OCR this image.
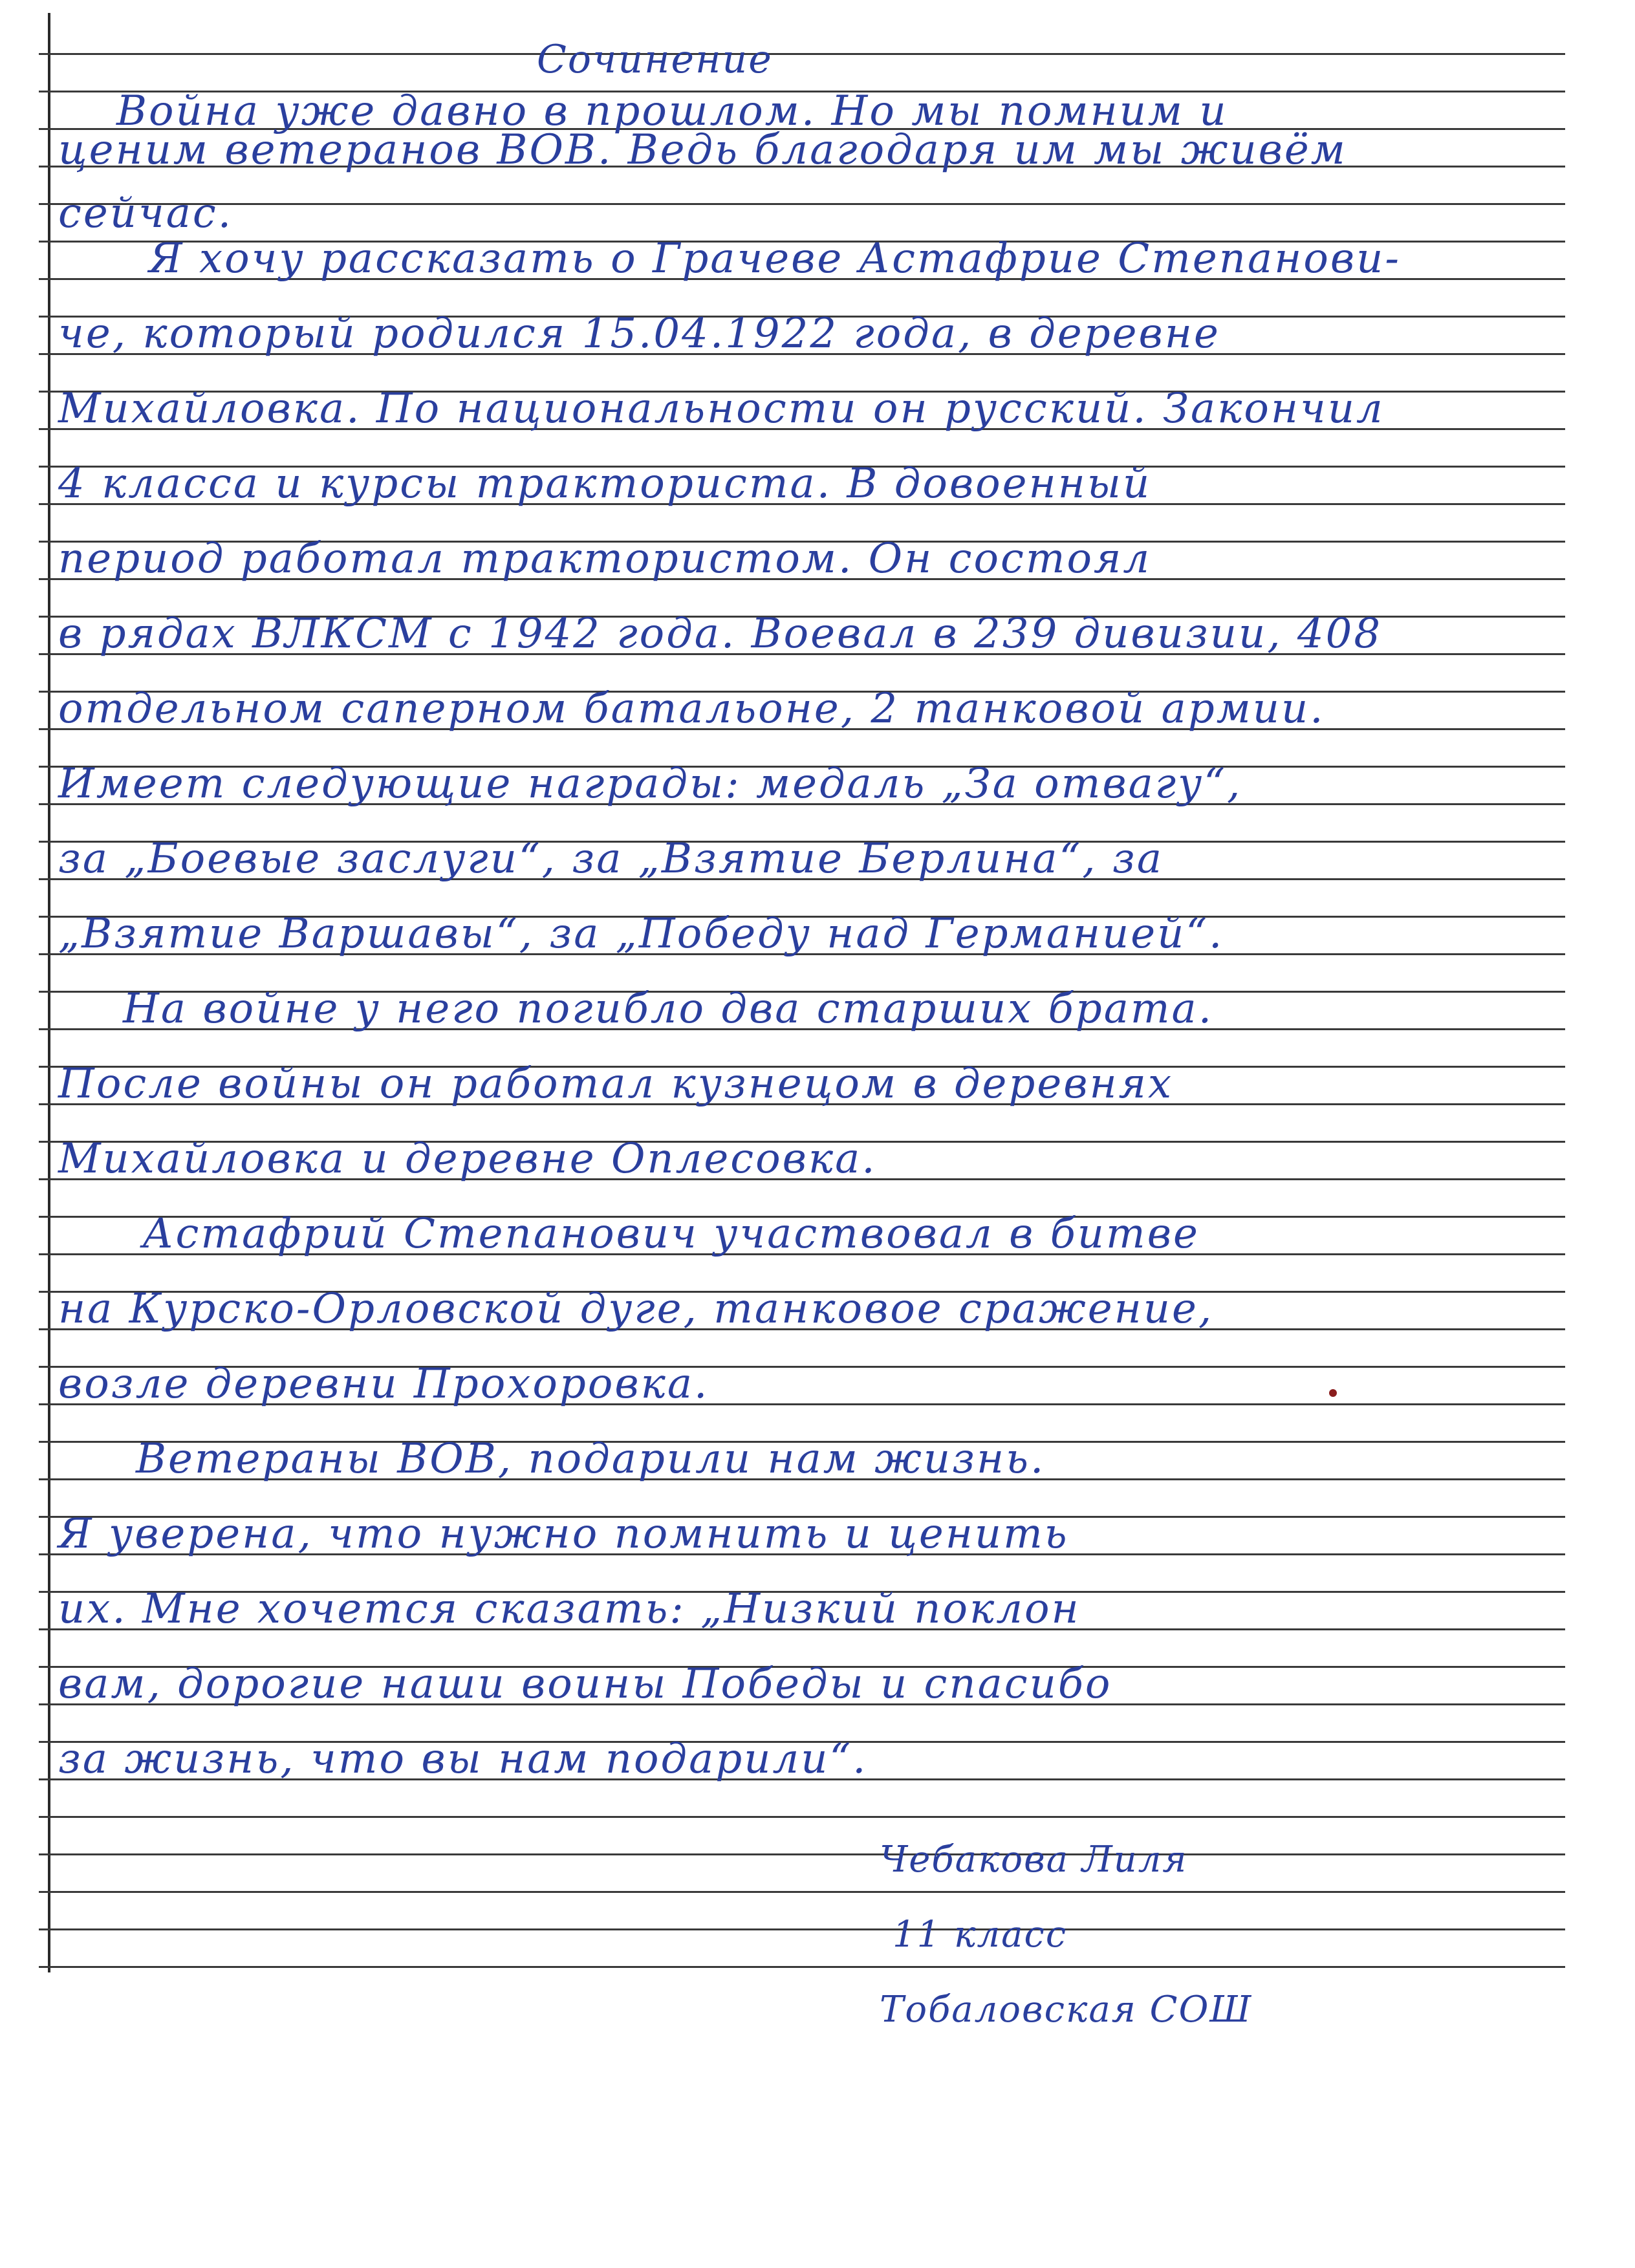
Сочинение
Война уже давно в прошлом. Но мы помним и
ценим ветеранов ВОВ. Ведь благодаря им мы живём
сейчас.
Я хочу рассказать о Грачеве Астафрие Степанови-
че, который родился 15.04.1922 года, в деревне
Михайловка. По национальности он русский. Закончил
4 класса и курсы тракториста. В довоенный
период работал трактористом. Он состоял
в рядах ВЛКСМ с 1942 года. Воевал в 239 дивизии, 408
отдельном саперном батальоне, 2 танковой армии.
Имеет следующие награды: медаль „За отвагу“,
за „Боевые заслуги“, за „Взятие Берлина“, за
„Взятие Варшавы“, за „Победу над Германией“.
На войне у него погибло два старших брата.
После войны он работал кузнецом в деревнях
Михайловка и деревне Оплесовка.
Астафрий Степанович участвовал в битве
на Курско-Орловской дуге, танковое сражение,
возле деревни Прохоровка.
Ветераны ВОВ, подарили нам жизнь.
Я уверена, что нужно помнить и ценить
их. Мне хочется сказать: „Низкий поклон
вам, дорогие наши воины Победы и спасибо
за жизнь, что вы нам подарили“.
Чебакова Лиля
11 класс
Тобаловская СОШ
